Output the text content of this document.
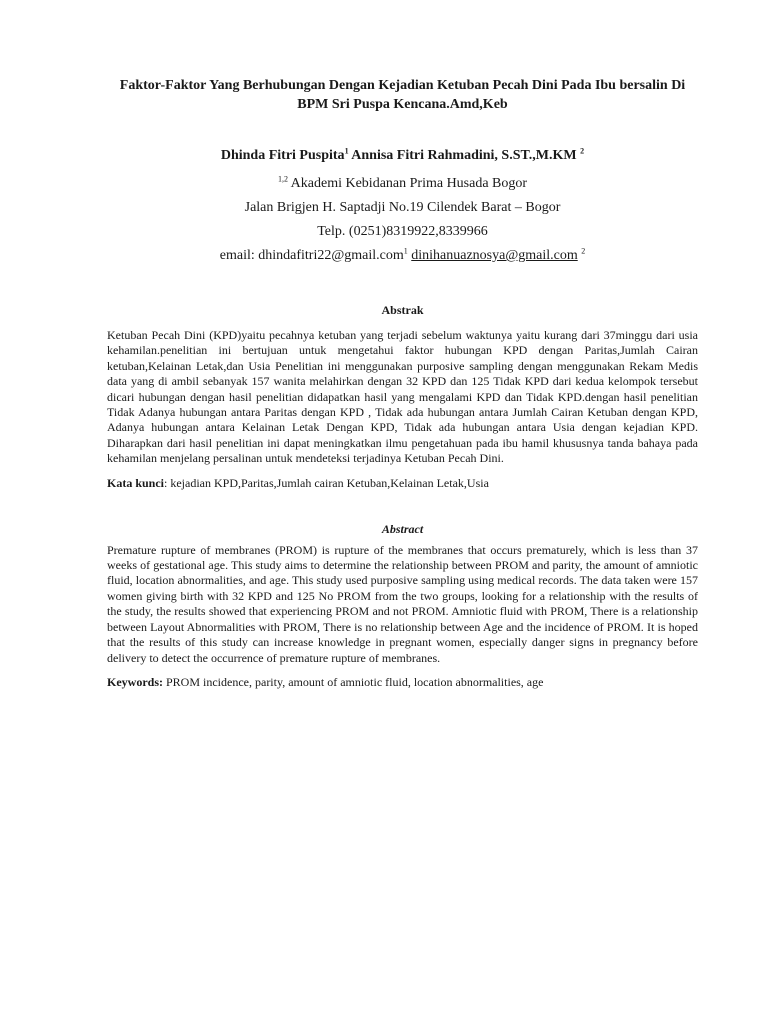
Faktor-Faktor Yang Berhubungan Dengan Kejadian Ketuban Pecah Dini Pada Ibu bersalin Di BPM Sri Puspa Kencana.Amd,Keb

Dhinda Fitri Puspita$^1$ Annisa Fitri Rahmadini, S.ST.,M.KM $^2$

$^{1,2}$ Akademi Kebidanan Prima Husada Bogor

Jalan Brigjen H. Saptadji No.19 Cilendek Barat – Bogor

Telp. (0251)8319922,8339966

email: dhindafitri22@gmail.com$^1$ dinihanuaznosya@gmail.com $^2$

Abstrak

Ketuban Pecah Dini (KPD)yaitu pecahnya ketuban yang terjadi sebelum waktunya yaitu kurang dari 37minggu dari usia kehamilan.penelitian ini bertujuan untuk mengetahui faktor hubungan KPD dengan Paritas,Jumlah Cairan ketuban,Kelainan Letak,dan Usia Penelitian ini menggunakan purposive sampling dengan menggunakan Rekam Medis data yang di ambil sebanyak 157 wanita melahirkan dengan 32 KPD dan 125 Tidak KPD dari kedua kelompok tersebut dicari hubungan dengan hasil penelitian didapatkan hasil yang mengalami KPD dan Tidak KPD.dengan hasil penelitian Tidak Adanya hubungan antara Paritas dengan KPD , Tidak ada hubungan antara Jumlah Cairan Ketuban dengan KPD, Adanya hubungan antara Kelainan Letak Dengan KPD, Tidak ada hubungan antara Usia dengan kejadian KPD. Diharapkan dari hasil penelitian ini dapat meningkatkan ilmu pengetahuan pada ibu hamil khususnya tanda bahaya pada kehamilan menjelang persalinan untuk mendeteksi terjadinya Ketuban Pecah Dini.

Kata kunci: kejadian KPD,Paritas,Jumlah cairan Ketuban,Kelainan Letak,Usia

Abstract

Premature rupture of membranes (PROM) is rupture of the membranes that occurs prematurely, which is less than 37 weeks of gestational age. This study aims to determine the relationship between PROM and parity, the amount of amniotic fluid, location abnormalities, and age. This study used purposive sampling using medical records. The data taken were 157 women giving birth with 32 KPD and 125 No PROM from the two groups, looking for a relationship with the results of the study, the results showed that experiencing PROM and not PROM. Amniotic fluid with PROM, There is a relationship between Layout Abnormalities with PROM, There is no relationship between Age and the incidence of PROM. It is hoped that the results of this study can increase knowledge in pregnant women, especially danger signs in pregnancy before delivery to detect the occurrence of premature rupture of membranes.

Keywords: PROM incidence, parity, amount of amniotic fluid, location abnormalities, age
